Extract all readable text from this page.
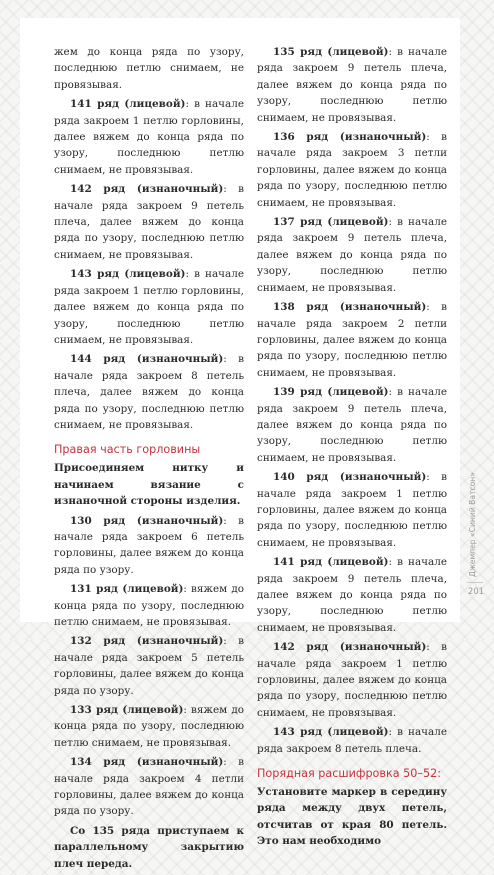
жем до конца ряда по узору, последнюю петлю снимаем, не провязывая.

141 ряд (лицевой): в начале ряда закроем 1 петлю горловины, далее вяжем до конца ряда по узору, последнюю петлю снимаем, не провязывая.

142 ряд (изнаночный): в начале ряда закроем 9 петель плеча, далее вяжем до конца ряда по узору, последнюю петлю снимаем, не провязывая.

143 ряд (лицевой): в начале ряда закроем 1 петлю горловины, далее вяжем до конца ряда по узору, последнюю петлю снимаем, не провязывая.

144 ряд (изнаночный): в начале ряда закроем 8 петель плеча, далее вяжем до конца ряда по узору, последнюю петлю снимаем, не провязывая.

Правая часть горловины

Присоединяем нитку и начинаем вязание с изнаночной стороны изделия.

130 ряд (изнаночный): в начале ряда закроем 6 петель горловины, далее вяжем до конца ряда по узору.

131 ряд (лицевой): вяжем до конца ряда по узору, последнюю петлю снимаем, не провязывая.

132 ряд (изнаночный): в начале ряда закроем 5 петель горловины, далее вяжем до конца ряда по узору.

133 ряд (лицевой): вяжем до конца ряда по узору, последнюю петлю снимаем, не провязывая.

134 ряд (изнаночный): в начале ряда закроем 4 петли горловины, далее вяжем до конца ряда по узору.

Со 135 ряда приступаем к параллельному закрытию плеч переда.

135 ряд (лицевой): в начале ряда закроем 9 петель плеча, далее вяжем до конца ряда по узору, последнюю петлю снимаем, не провязывая.

136 ряд (изнаночный): в начале ряда закроем 3 петли горловины, далее вяжем до конца ряда по узору, последнюю петлю снимаем, не провязывая.

137 ряд (лицевой): в начале ряда закроем 9 петель плеча, далее вяжем до конца ряда по узору, последнюю петлю снимаем, не провязывая.

138 ряд (изнаночный): в начале ряда закроем 2 петли горловины, далее вяжем до конца ряда по узору, последнюю петлю снимаем, не провязывая.

139 ряд (лицевой): в начале ряда закроем 9 петель плеча, далее вяжем до конца ряда по узору, последнюю петлю снимаем, не провязывая.

140 ряд (изнаночный): в начале ряда закроем 1 петлю горловины, далее вяжем до конца ряда по узору, последнюю петлю снимаем, не провязывая.

141 ряд (лицевой): в начале ряда закроем 9 петель плеча, далее вяжем до конца ряда по узору, последнюю петлю снимаем, не провязывая.

142 ряд (изнаночный): в начале ряда закроем 1 петлю горловины, далее вяжем до конца ряда по узору, последнюю петлю снимаем, не провязывая.

143 ряд (лицевой): в начале ряда закроем 8 петель плеча.

Порядная расшифровка 50–52:

Установите маркер в середину ряда между двух петель, отсчитав от края 80 петель. Это нам необходимо

Джемпер «Синий Ватсон»
201
